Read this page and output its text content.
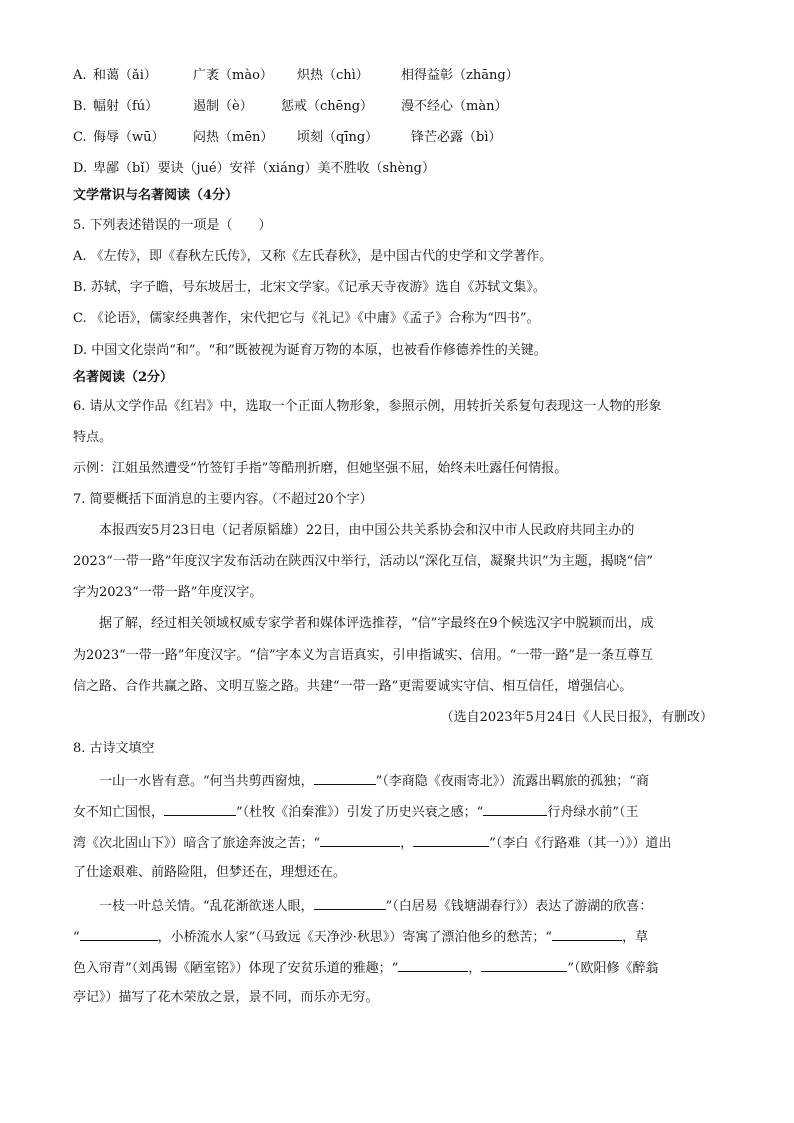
A. 和蔼（ǎi）	广袤（mào） 炽热（chì）	相得益彰（zhāng）
B. 幅射（fú）	遏制（è）	惩戒（chēng）	漫不经心（màn）
C. 侮辱（wū）	闷热（mēn） 顷刻（qīng）	锋芒必露（bì）
D. 卑鄙（bǐ）要诀（jué）安祥（xiáng）美不胜收（shèng）
文学常识与名著阅读（4分）
5. 下列表述错误的一项是（　　）
A. 《左传》，即《春秋左氏传》，又称《左氏春秋》，是中国古代的史学和文学著作。
B. 苏轼，字子瞻，号东坡居士，北宋文学家。《记承天寺夜游》选自《苏轼文集》。
C. 《论语》，儒家经典著作，宋代把它与《礼记》《中庸》《孟子》合称为“四书”。
D. 中国文化崇尚“和”。“和”既被视为诞育万物的本原，也被看作修德养性的关键。
名著阅读（2分）
6. 请从文学作品《红岩》中，选取一个正面人物形象，参照示例，用转折关系复句表现这一人物的形象
特点。
示例：江姐虽然遭受“竹签钉手指”等酷刑折磨，但她坚强不屈，始终未吐露任何情报。
7. 简要概括下面消息的主要内容。（不超过20个字）
本报西安5月23日电（记者原韬雄）22日，由中国公共关系协会和汉中市人民政府共同主办的
2023“一带一路”年度汉字发布活动在陕西汉中举行，活动以“深化互信，凝聚共识”为主题，揭晓“信”
字为2023“一带一路”年度汉字。
据了解，经过相关领域权威专家学者和媒体评选推荐，“信”字最终在9个候选汉字中脱颖而出，成
为2023“一带一路”年度汉字。“信”字本义为言语真实，引申指诚实、信用。“一带一路”是一条互尊互
信之路、合作共赢之路、文明互鉴之路。共建“一带一路”更需要诚实守信、相互信任，增强信心。
（选自2023年5月24日《人民日报》，有删改）
8. 古诗文填空
一山一水皆有意。“何当共剪西窗烛，	”（李商隐《夜雨寄北》）流露出羁旅的孤独；“商
女不知亡国恨，	”（杜牧《泊秦淮》）引发了历史兴衰之感；“	行舟绿水前”（王
湾《次北固山下》）暗含了旅途奔波之苦；“	，	”（李白《行路难（其一）》）道出
了仕途艰难、前路险阻，但梦还在，理想还在。
一枝一叶总关情。“乱花渐欲迷人眼，	”（白居易《钱塘湖春行》）表达了游湖的欣喜：
“	，小桥流水人家”（马致远《天净沙·秋思》）寄寓了漂泊他乡的愁苦；“	，草
色入帘青”（刘禹锡《陋室铭》）体现了安贫乐道的雅趣；“	，	”（欧阳修《醉翁
亭记》）描写了花木荣放之景，景不同，而乐亦无穷。
